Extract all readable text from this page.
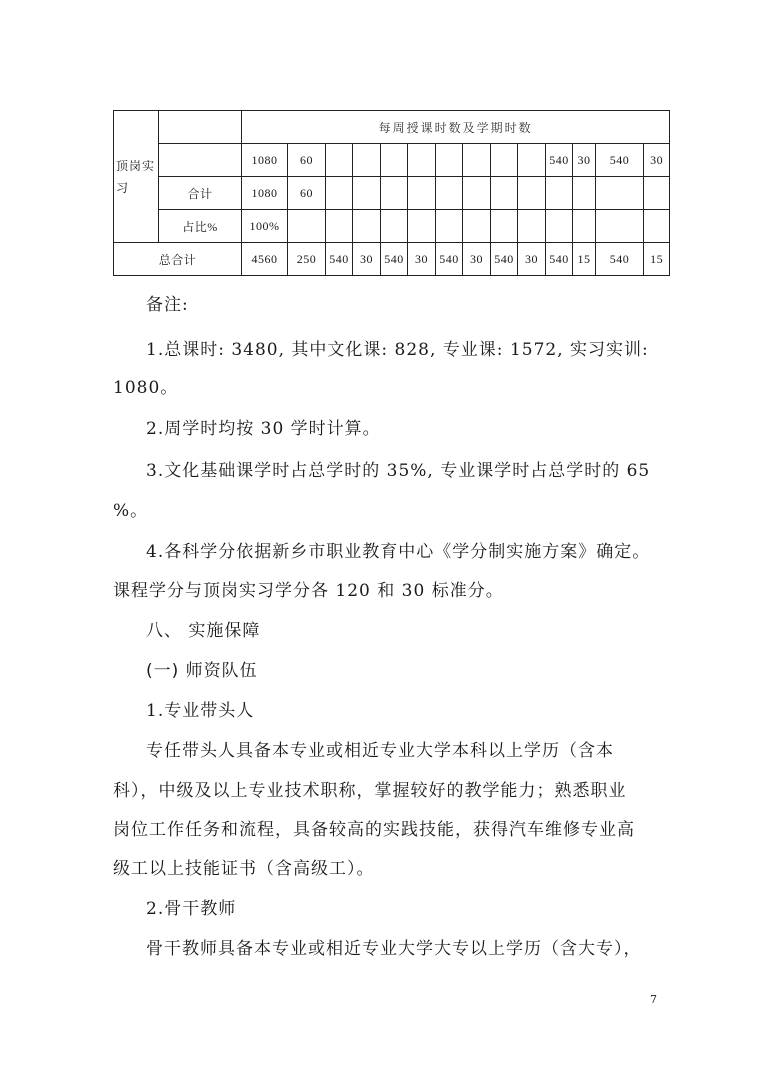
顶岗实习		每周授课时数及学期时数													
		1080	60									540	30	540	30
	合计	1080	60												
	占比%	100%													
总合计		4560	250	540	30	540	30	540	30	540	30	540	15	540	15
备注:
1.总课时: 3480, 其中文化课: 828, 专业课: 1572, 实习实训:
1080。
2.周学时均按 30 学时计算。
3.文化基础课学时占总学时的 35%, 专业课学时占总学时的 65
%。
4.各科学分依据新乡市职业教育中心《学分制实施方案》确定。
课程学分与顶岗实习学分各 120 和 30 标准分。
八、 实施保障
(一) 师资队伍
1.专业带头人
专任带头人具备本专业或相近专业大学本科以上学历（含本
科），中级及以上专业技术职称，掌握较好的教学能力；熟悉职业
岗位工作任务和流程，具备较高的实践技能，获得汽车维修专业高
级工以上技能证书（含高级工）。
2.骨干教师
骨干教师具备本专业或相近专业大学大专以上学历（含大专），
7
